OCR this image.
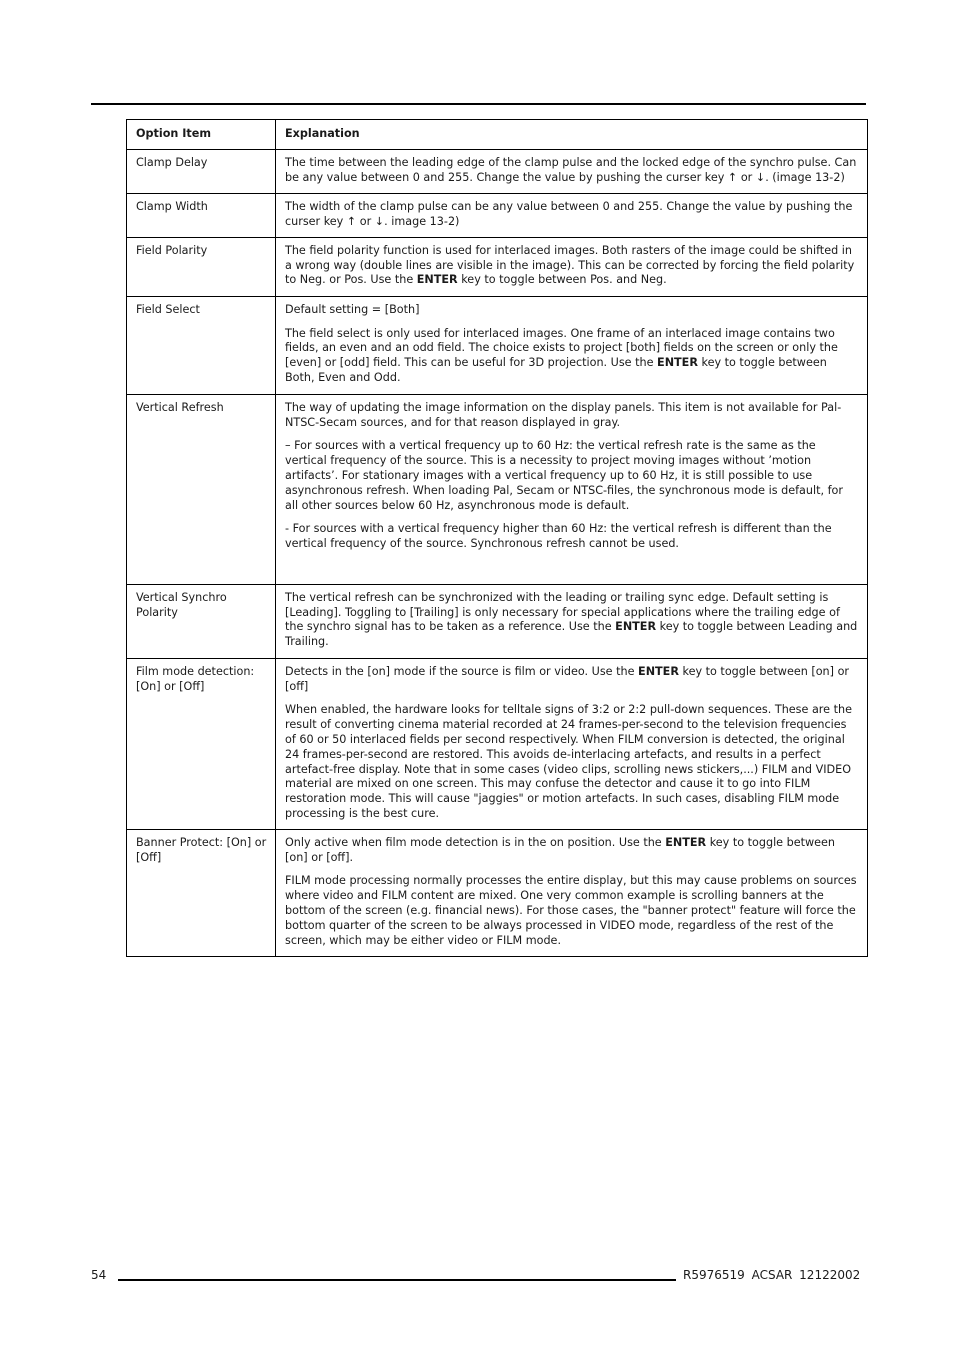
Option Item	Explanation
Clamp Delay	The time between the leading edge of the clamp pulse and the locked edge of the synchro pulse. Can be any value between 0 and 255. Change the value by pushing the curser key ↑ or ↓. (image 13-2)

Clamp Width	The width of the clamp pulse can be any value between 0 and 255. Change the value by pushing the curser key ↑ or ↓. image 13-2)

Field Polarity	The field polarity function is used for interlaced images. Both rasters of the image could be shifted in a wrong way (double lines are visible in the image). This can be corrected by forcing the field polarity to Neg. or Pos. Use the ENTER key to toggle between Pos. and Neg.

Field Select	Default setting = [Both]
The field select is only used for interlaced images. One frame of an interlaced image contains two fields, an even and an odd field. The choice exists to project [both] fields on the screen or only the [even] or [odd] field. This can be useful for 3D projection. Use the ENTER key to toggle between Both, Even and Odd.

Vertical Refresh	The way of updating the image information on the display panels. This item is not available for Pal-NTSC-Secam sources, and for that reason displayed in gray.
– For sources with a vertical frequency up to 60 Hz: the vertical refresh rate is the same as the vertical frequency of the source. This is a necessity to project moving images without ’motion artifacts’. For stationary images with a vertical frequency up to 60 Hz, it is still possible to use asynchronous refresh. When loading Pal, Secam or NTSC-files, the synchronous mode is default, for all other sources below 60 Hz, asynchronous mode is default.
- For sources with a vertical frequency higher than 60 Hz: the vertical refresh is different than the vertical frequency of the source. Synchronous refresh cannot be used.

Vertical Synchro Polarity	The vertical refresh can be synchronized with the leading or trailing sync edge. Default setting is [Leading]. Toggling to [Trailing] is only necessary for special applications where the trailing edge of the synchro signal has to be taken as a reference. Use the ENTER key to toggle between Leading and Trailing.

Film mode detection: [On] or [Off]	Detects in the [on] mode if the source is film or video. Use the ENTER key to toggle between [on] or [off]
When enabled, the hardware looks for telltale signs of 3:2 or 2:2 pull-down sequences. These are the result of converting cinema material recorded at 24 frames-per-second to the television frequencies of 60 or 50 interlaced fields per second respectively. When FILM conversion is detected, the original 24 frames-per-second are restored. This avoids de-interlacing artefacts, and results in a perfect artefact-free display. Note that in some cases (video clips, scrolling news stickers,...) FILM and VIDEO material are mixed on one screen. This may confuse the detector and cause it to go into FILM restoration mode. This will cause "jaggies" or motion artefacts. In such cases, disabling FILM mode processing is the best cure.

Banner Protect: [On] or [Off]	Only active when film mode detection is in the on position. Use the ENTER key to toggle between [on] or [off].
FILM mode processing normally processes the entire display, but this may cause problems on sources where video and FILM content are mixed. One very common example is scrolling banners at the bottom of the screen (e.g. financial news). For those cases, the "banner protect" feature will force the bottom quarter of the screen to be always processed in VIDEO mode, regardless of the rest of the screen, which may be either video or FILM mode.
54	R5976519 ACSAR 12122002
